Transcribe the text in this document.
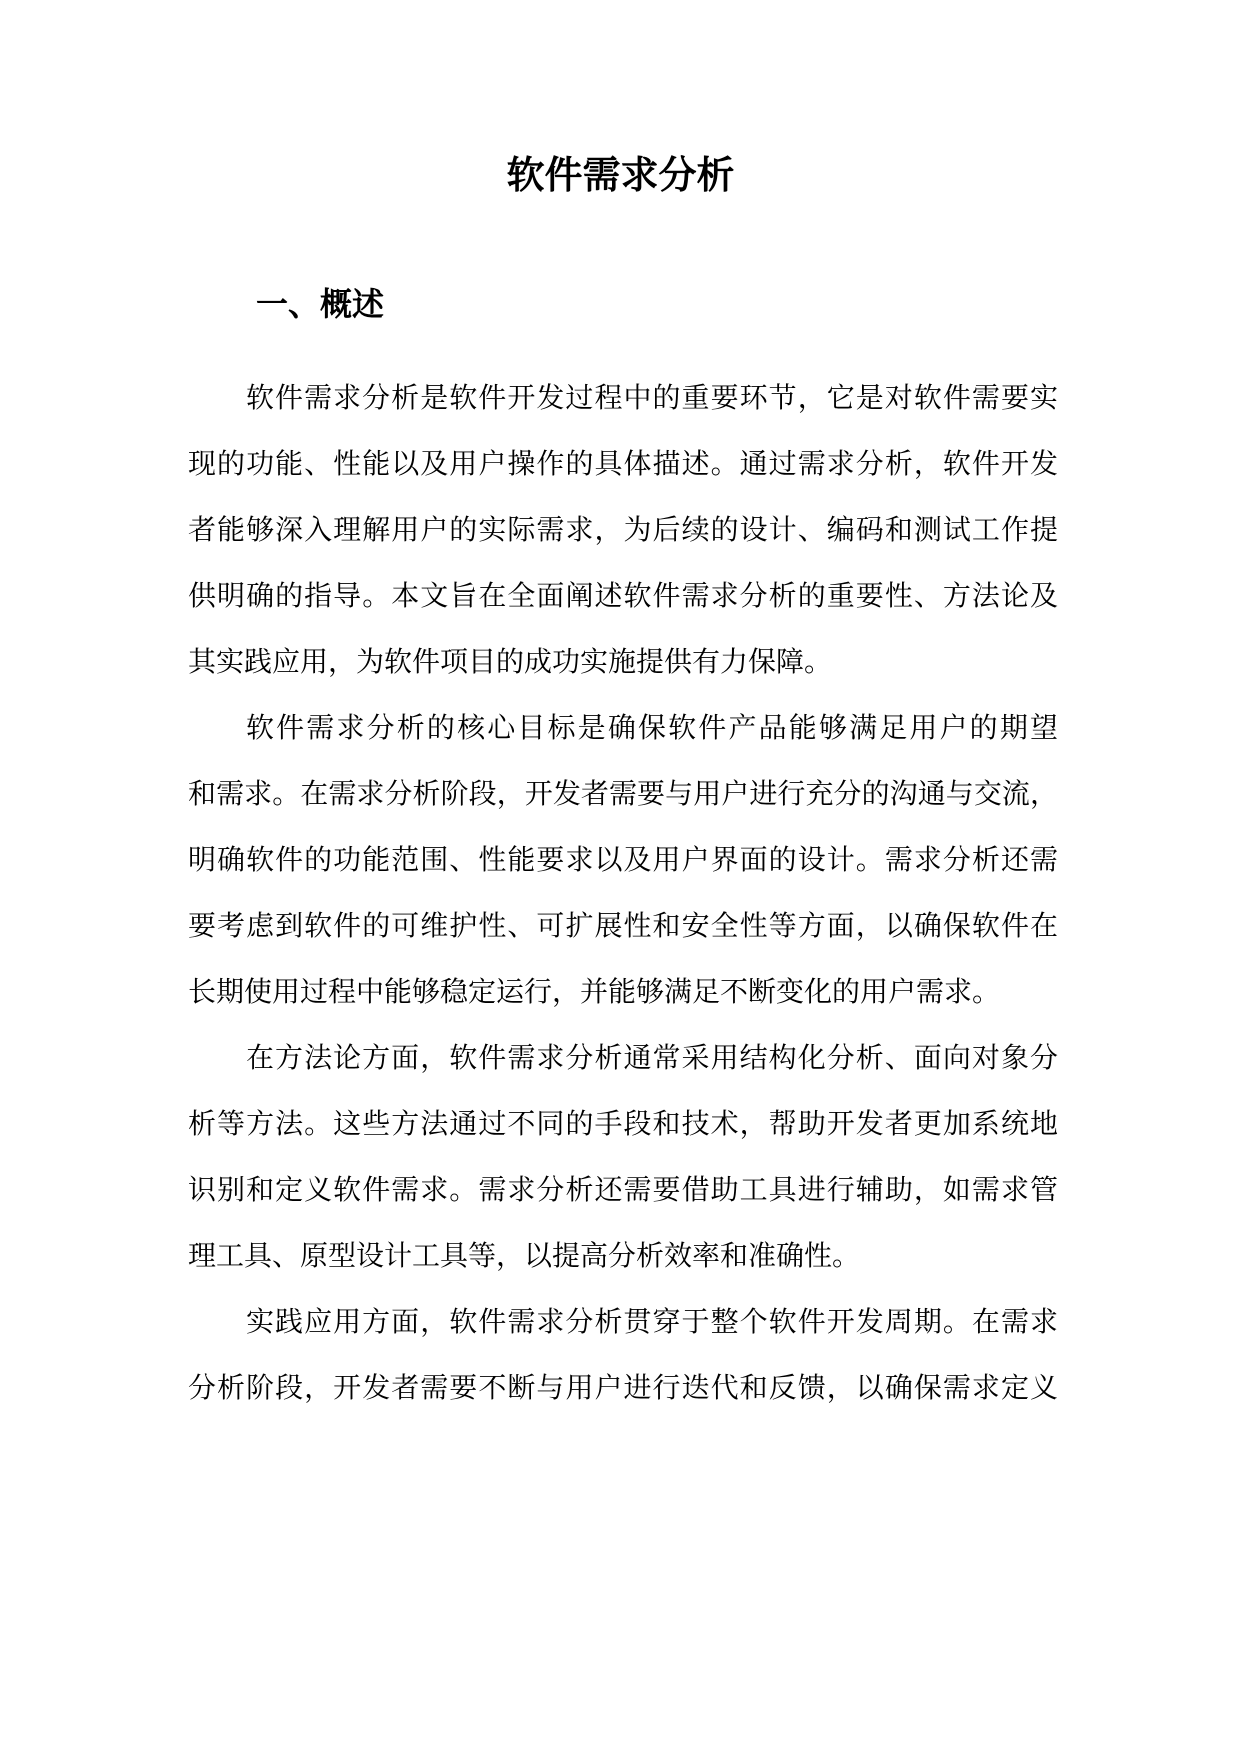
软件需求分析
一、概述

软件需求分析是软件开发过程中的重要环节，它是对软件需要实
现的功能、性能以及用户操作的具体描述。通过需求分析，软件开发
者能够深入理解用户的实际需求，为后续的设计、编码和测试工作提
供明确的指导。本文旨在全面阐述软件需求分析的重要性、方法论及
其实践应用，为软件项目的成功实施提供有力保障。

软件需求分析的核心目标是确保软件产品能够满足用户的期望
和需求。在需求分析阶段，开发者需要与用户进行充分的沟通与交流，
明确软件的功能范围、性能要求以及用户界面的设计。需求分析还需
要考虑到软件的可维护性、可扩展性和安全性等方面，以确保软件在
长期使用过程中能够稳定运行，并能够满足不断变化的用户需求。

在方法论方面，软件需求分析通常采用结构化分析、面向对象分
析等方法。这些方法通过不同的手段和技术，帮助开发者更加系统地
识别和定义软件需求。需求分析还需要借助工具进行辅助，如需求管
理工具、原型设计工具等，以提高分析效率和准确性。

实践应用方面，软件需求分析贯穿于整个软件开发周期。在需求
分析阶段，开发者需要不断与用户进行迭代和反馈，以确保需求定义
